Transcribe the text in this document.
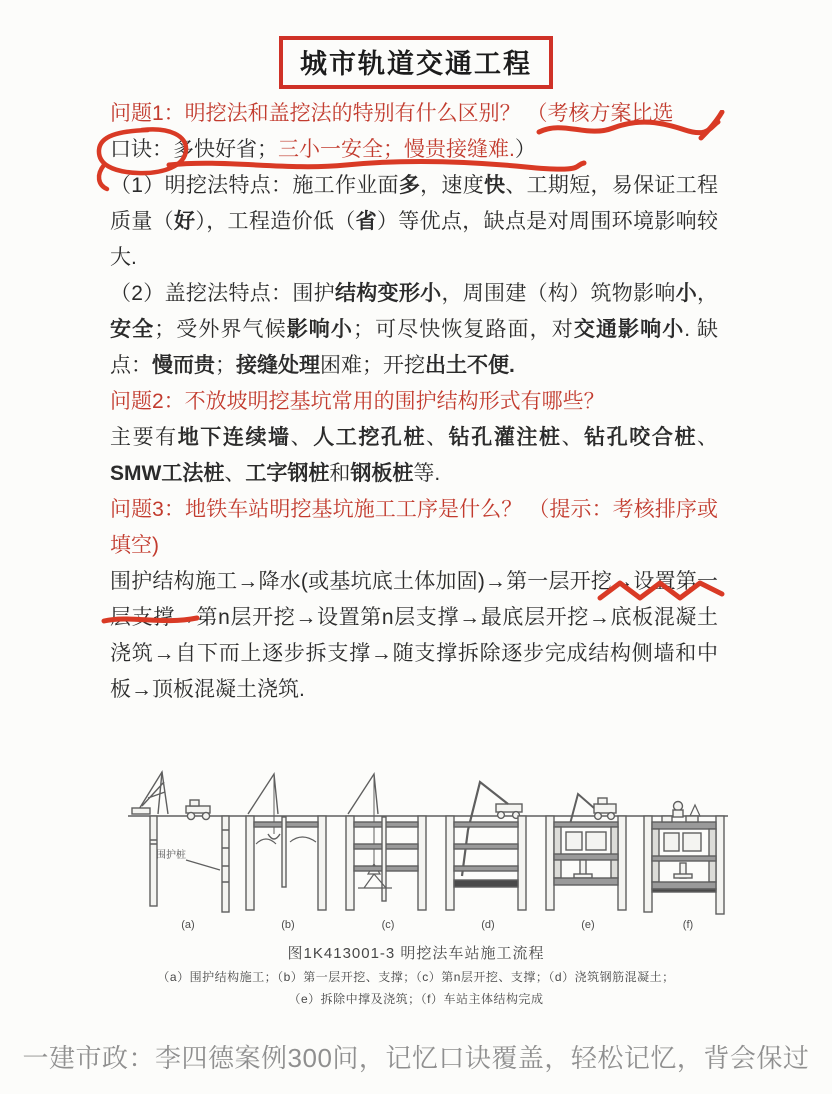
城市轨道交通工程

问题1：明挖法和盖挖法的特别有什么区别？ （考核方案比选

口诀：多快好省；三小一安全；慢贵接缝难.）

（1）明挖法特点：施工作业面多，速度快、工期短，易保证工程质量（好），工程造价低（省）等优点，缺点是对周围环境影响较大.

（2）盖挖法特点：围护结构变形小，周围建（构）筑物影响小，安全；受外界气候影响小；可尽快恢复路面，对交通影响小. 缺点：慢而贵；接缝处理困难；开挖出土不便.

问题2：不放坡明挖基坑常用的围护结构形式有哪些？

主要有地下连续墙、人工挖孔桩、钻孔灌注桩、钻孔咬合桩、SMW工法桩、工字钢桩和钢板桩等.

问题3：地铁车站明挖基坑施工工序是什么？ （提示：考核排序或填空)

围护结构施工→降水(或基坑底土体加固)→第一层开挖→设置第一层支撑→第n层开挖→设置第n层支撑→最底层开挖→底板混凝土浇筑→自下而上逐步拆支撑→随支撑拆除逐步完成结构侧墙和中板→顶板混凝土浇筑.

围护桩
(a)	(b)	(c)	(d)	(e)	(f)
图1K413001-3 明挖法车站施工流程
（a）围护结构施工；（b）第一层开挖、支撑；（c）第n层开挖、支撑；（d）浇筑钢筋混凝土；
（e）拆除中撑及浇筑；（f）车站主体结构完成
一建市政：李四德案例300问，记忆口诀覆盖，轻松记忆，背会保过
